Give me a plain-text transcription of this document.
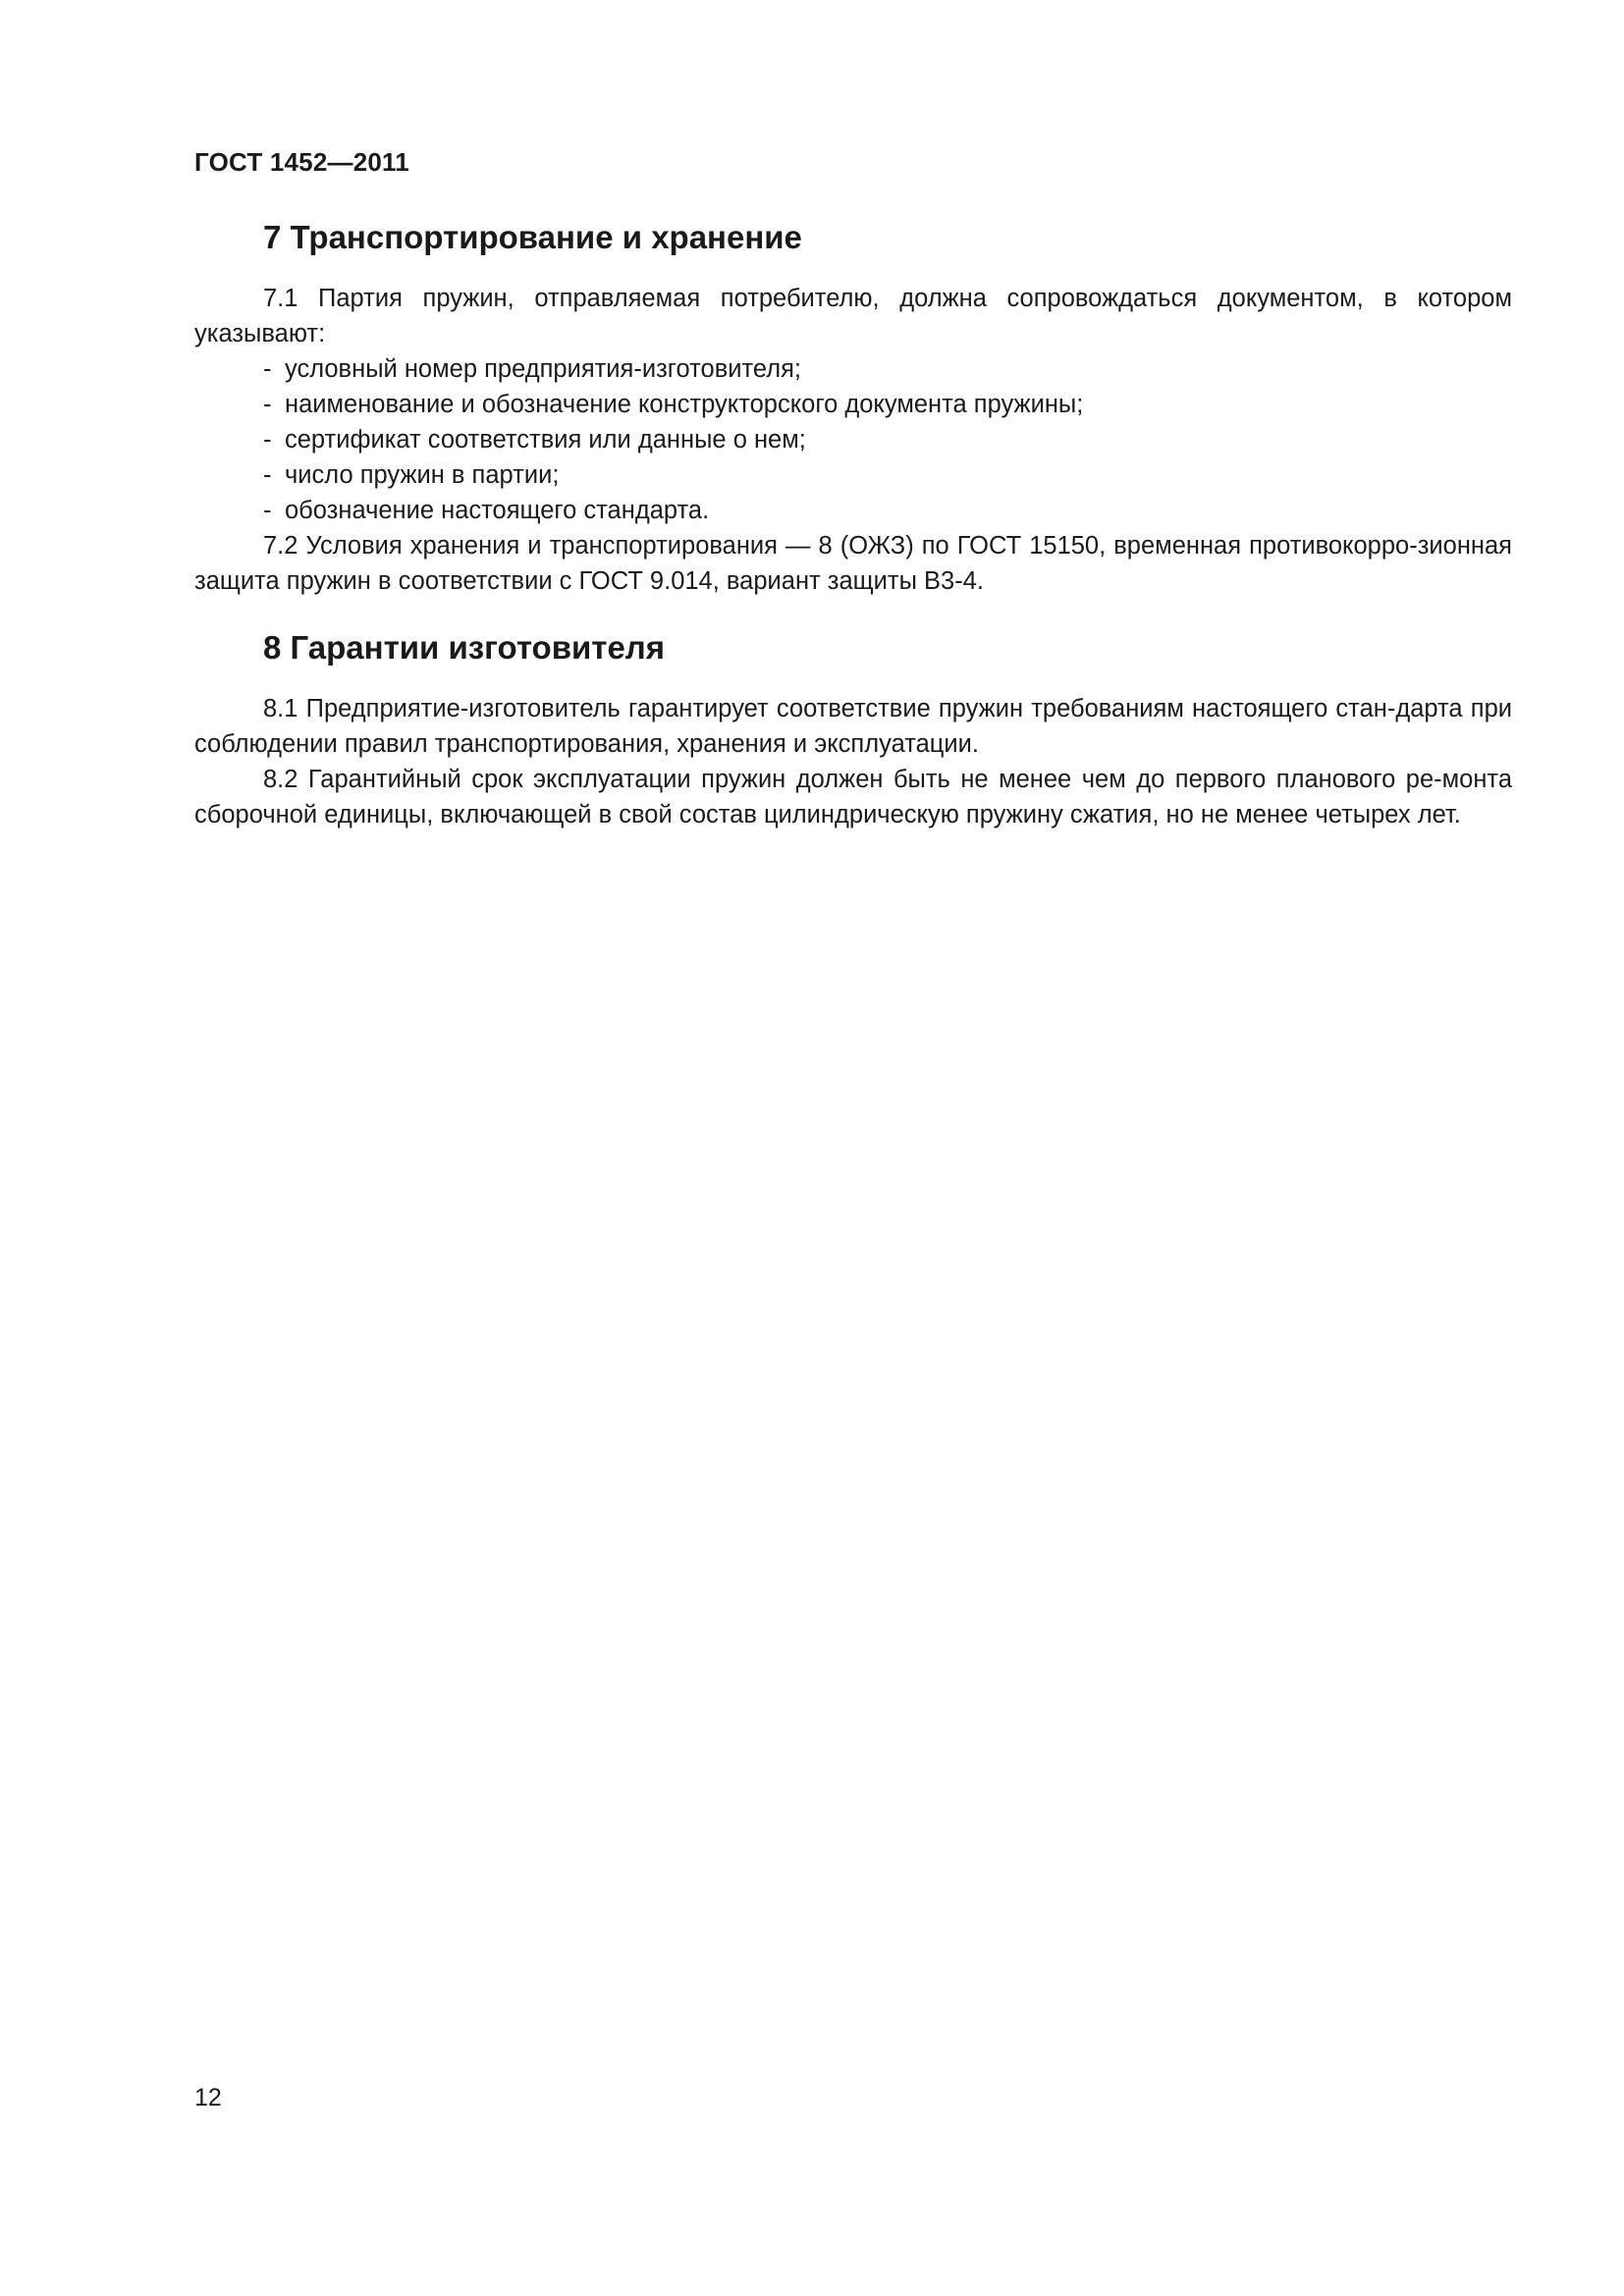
ГОСТ 1452—2011
7 Транспортирование и хранение

7.1 Партия пружин, отправляемая потребителю, должна сопровождаться документом, в котором указывают:

- условный номер предприятия-изготовителя;
- наименование и обозначение конструкторского документа пружины;
- сертификат соответствия или данные о нем;
- число пружин в партии;
- обозначение настоящего стандарта.

7.2 Условия хранения и транспортирования — 8 (ОЖЗ) по ГОСТ 15150, временная противокорро-зионная защита пружин в соответствии с ГОСТ 9.014, вариант защиты В3-4.

8 Гарантии изготовителя

8.1 Предприятие-изготовитель гарантирует соответствие пружин требованиям настоящего стан-дарта при соблюдении правил транспортирования, хранения и эксплуатации.

8.2 Гарантийный срок эксплуатации пружин должен быть не менее чем до первого планового ре-монта сборочной единицы, включающей в свой состав цилиндрическую пружину сжатия, но не менее четырех лет.

12
